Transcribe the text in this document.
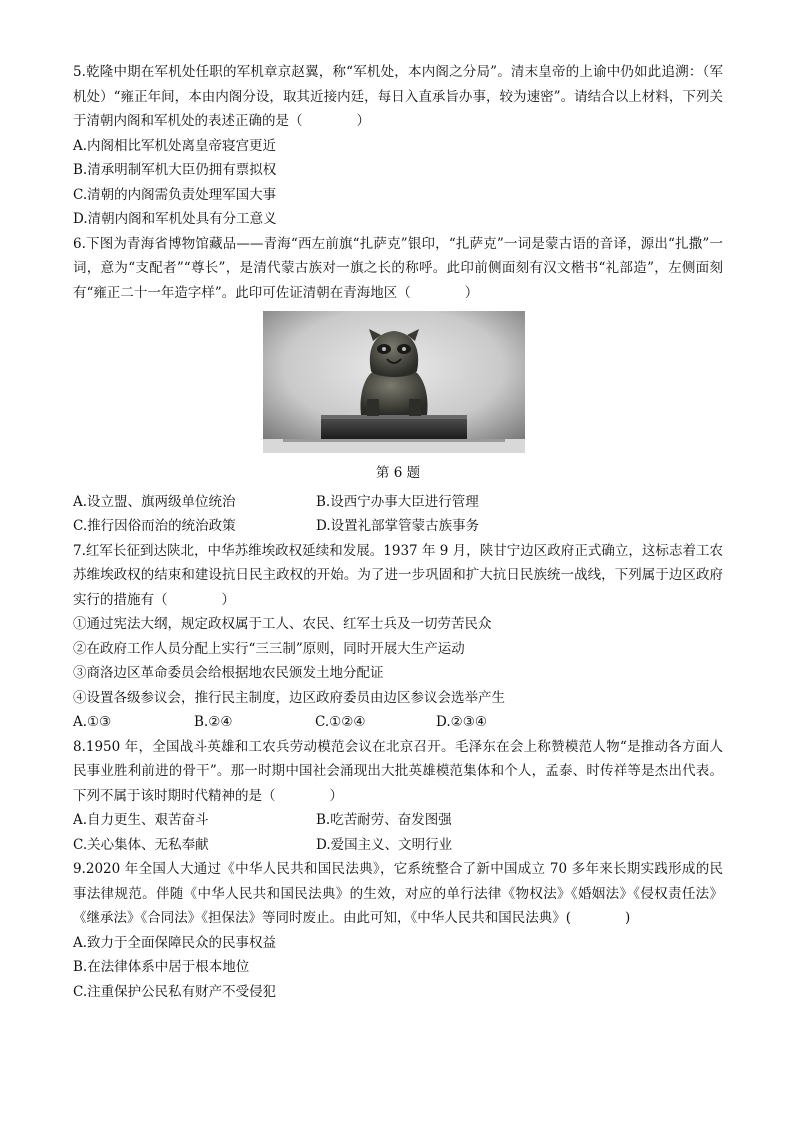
5.乾隆中期在军机处任职的军机章京赵翼，称“军机处，本内阁之分局”。清末皇帝的上谕中仍如此追溯：（军机处）“雍正年间，本由内阁分设，取其近接内廷，每日入直承旨办事，较为速密”。请结合以上材料，下列关于清朝内阁和军机处的表述正确的是（　　　　）

A.内阁相比军机处离皇帝寝宫更近

B.清承明制军机大臣仍拥有票拟权

C.清朝的内阁需负责处理军国大事

D.清朝内阁和军机处具有分工意义

6.下图为青海省博物馆藏品——青海“西左前旗“扎萨克”银印，“扎萨克”一词是蒙古语的音译，源出“扎撒”一词，意为“支配者”“尊长”，是清代蒙古族对一旗之长的称呼。此印前侧面刻有汉文楷书“礼部造”，左侧面刻有“雍正二十一年造字样”。此印可佐证清朝在青海地区（　　　　）

第 6 题

A.设立盟、旗两级单位统治	B.设西宁办事大臣进行管理
C.推行因俗而治的统治政策	D.设置礼部掌管蒙古族事务

7.红军长征到达陕北，中华苏维埃政权延续和发展。1937 年 9 月，陕甘宁边区政府正式确立，这标志着工农苏维埃政权的结束和建设抗日民主政权的开始。为了进一步巩固和扩大抗日民族统一战线，下列属于边区政府实行的措施有（　　　　）

①通过宪法大纲，规定政权属于工人、农民、红军士兵及一切劳苦民众

②在政府工作人员分配上实行“三三制”原则，同时开展大生产运动

③商洛边区革命委员会给根据地农民颁发土地分配证

④设置各级参议会，推行民主制度，边区政府委员由边区参议会选举产生

A.①③	B.②④	C.①②④	D.②③④

8.1950 年，全国战斗英雄和工农兵劳动模范会议在北京召开。毛泽东在会上称赞模范人物“是推动各方面人民事业胜利前进的骨干”。那一时期中国社会涌现出大批英雄模范集体和个人，孟泰、时传祥等是杰出代表。下列不属于该时期时代精神的是（　　　　）

A.自力更生、艰苦奋斗	B.吃苦耐劳、奋发图强
C.关心集体、无私奉献	D.爱国主义、文明行业

9.2020 年全国人大通过《中华人民共和国民法典》，它系统整合了新中国成立 70 多年来长期实践形成的民事法律规范。伴随《中华人民共和国民法典》的生效，对应的单行法律《物权法》《婚姻法》《侵权责任法》《继承法》《合同法》《担保法》等同时废止。由此可知，《中华人民共和国民法典》(　　　　)

A.致力于全面保障民众的民事权益

B.在法律体系中居于根本地位

C.注重保护公民私有财产不受侵犯
